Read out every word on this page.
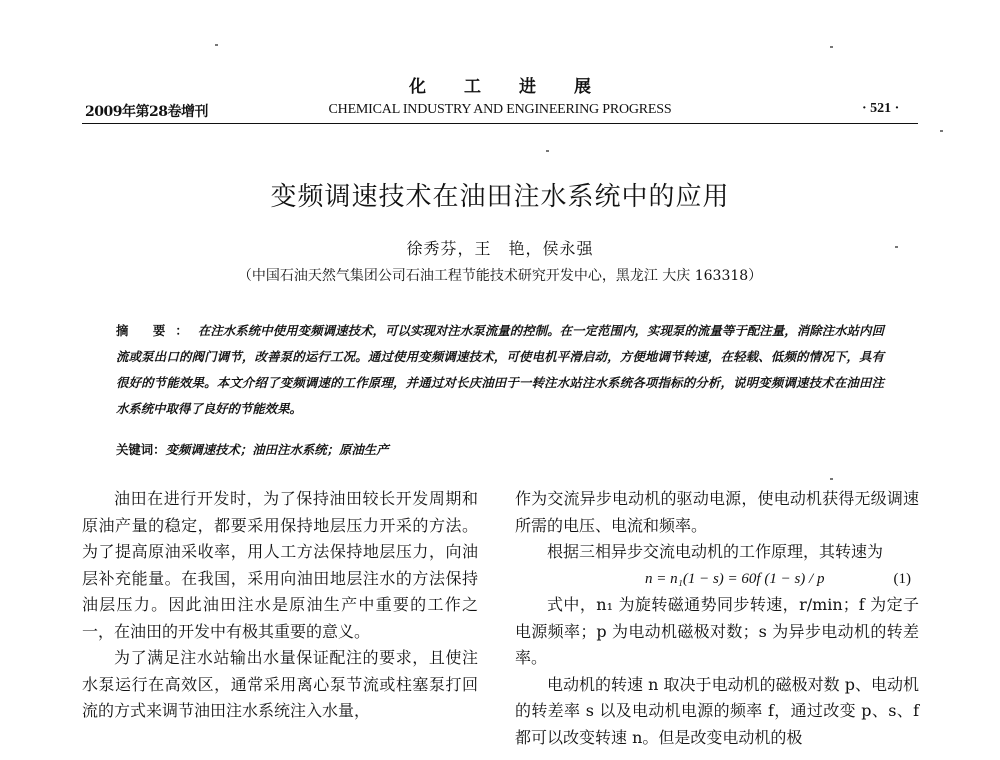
化工进展
2009年第28卷增刊	CHEMICAL INDUSTRY AND ENGINEERING PROGRESS	· 521 ·
变频调速技术在油田注水系统中的应用
徐秀芬，王　艳，侯永强
（中国石油天然气集团公司石油工程节能技术研究开发中心，黑龙江 大庆 163318）
摘 要：在注水系统中使用变频调速技术，可以实现对注水泵流量的控制。在一定范围内，实现泵的流量等于配注量，消除注水站内回流或泵出口的阀门调节，改善泵的运行工况。通过使用变频调速技术，可使电机平滑启动，方便地调节转速，在轻载、低频的情况下，具有很好的节能效果。本文介绍了变频调速的工作原理，并通过对长庆油田于一转注水站注水系统各项指标的分析，说明变频调速技术在油田注水系统中取得了良好的节能效果。
关键词：变频调速技术；油田注水系统；原油生产

油田在进行开发时，为了保持油田较长开发周期和原油产量的稳定，都要采用保持地层压力开采的方法。为了提高原油采收率，用人工方法保持地层压力，向油层补充能量。在我国，采用向油田地层注水的方法保持油层压力。因此油田注水是原油生产中重要的工作之一，在油田的开发中有极其重要的意义。

为了满足注水站输出水量保证配注的要求，且使注水泵运行在高效区，通常采用离心泵节流或柱塞泵打回流的方式来调节油田注水系统注入水量，

作为交流异步电动机的驱动电源，使电动机获得无级调速所需的电压、电流和频率。

根据三相异步交流电动机的工作原理，其转速为

n = n₁(1 − s) = 60f (1 − s) / p	(1)

式中，n₁ 为旋转磁通势同步转速，r/min；f 为定子电源频率；p 为电动机磁极对数；s 为异步电动机的转差率。

电动机的转速 n 取决于电动机的磁极对数 p、电动机的转差率 s 以及电动机电源的频率 f，通过改变 p、s、f 都可以改变转速 n。但是改变电动机的极
